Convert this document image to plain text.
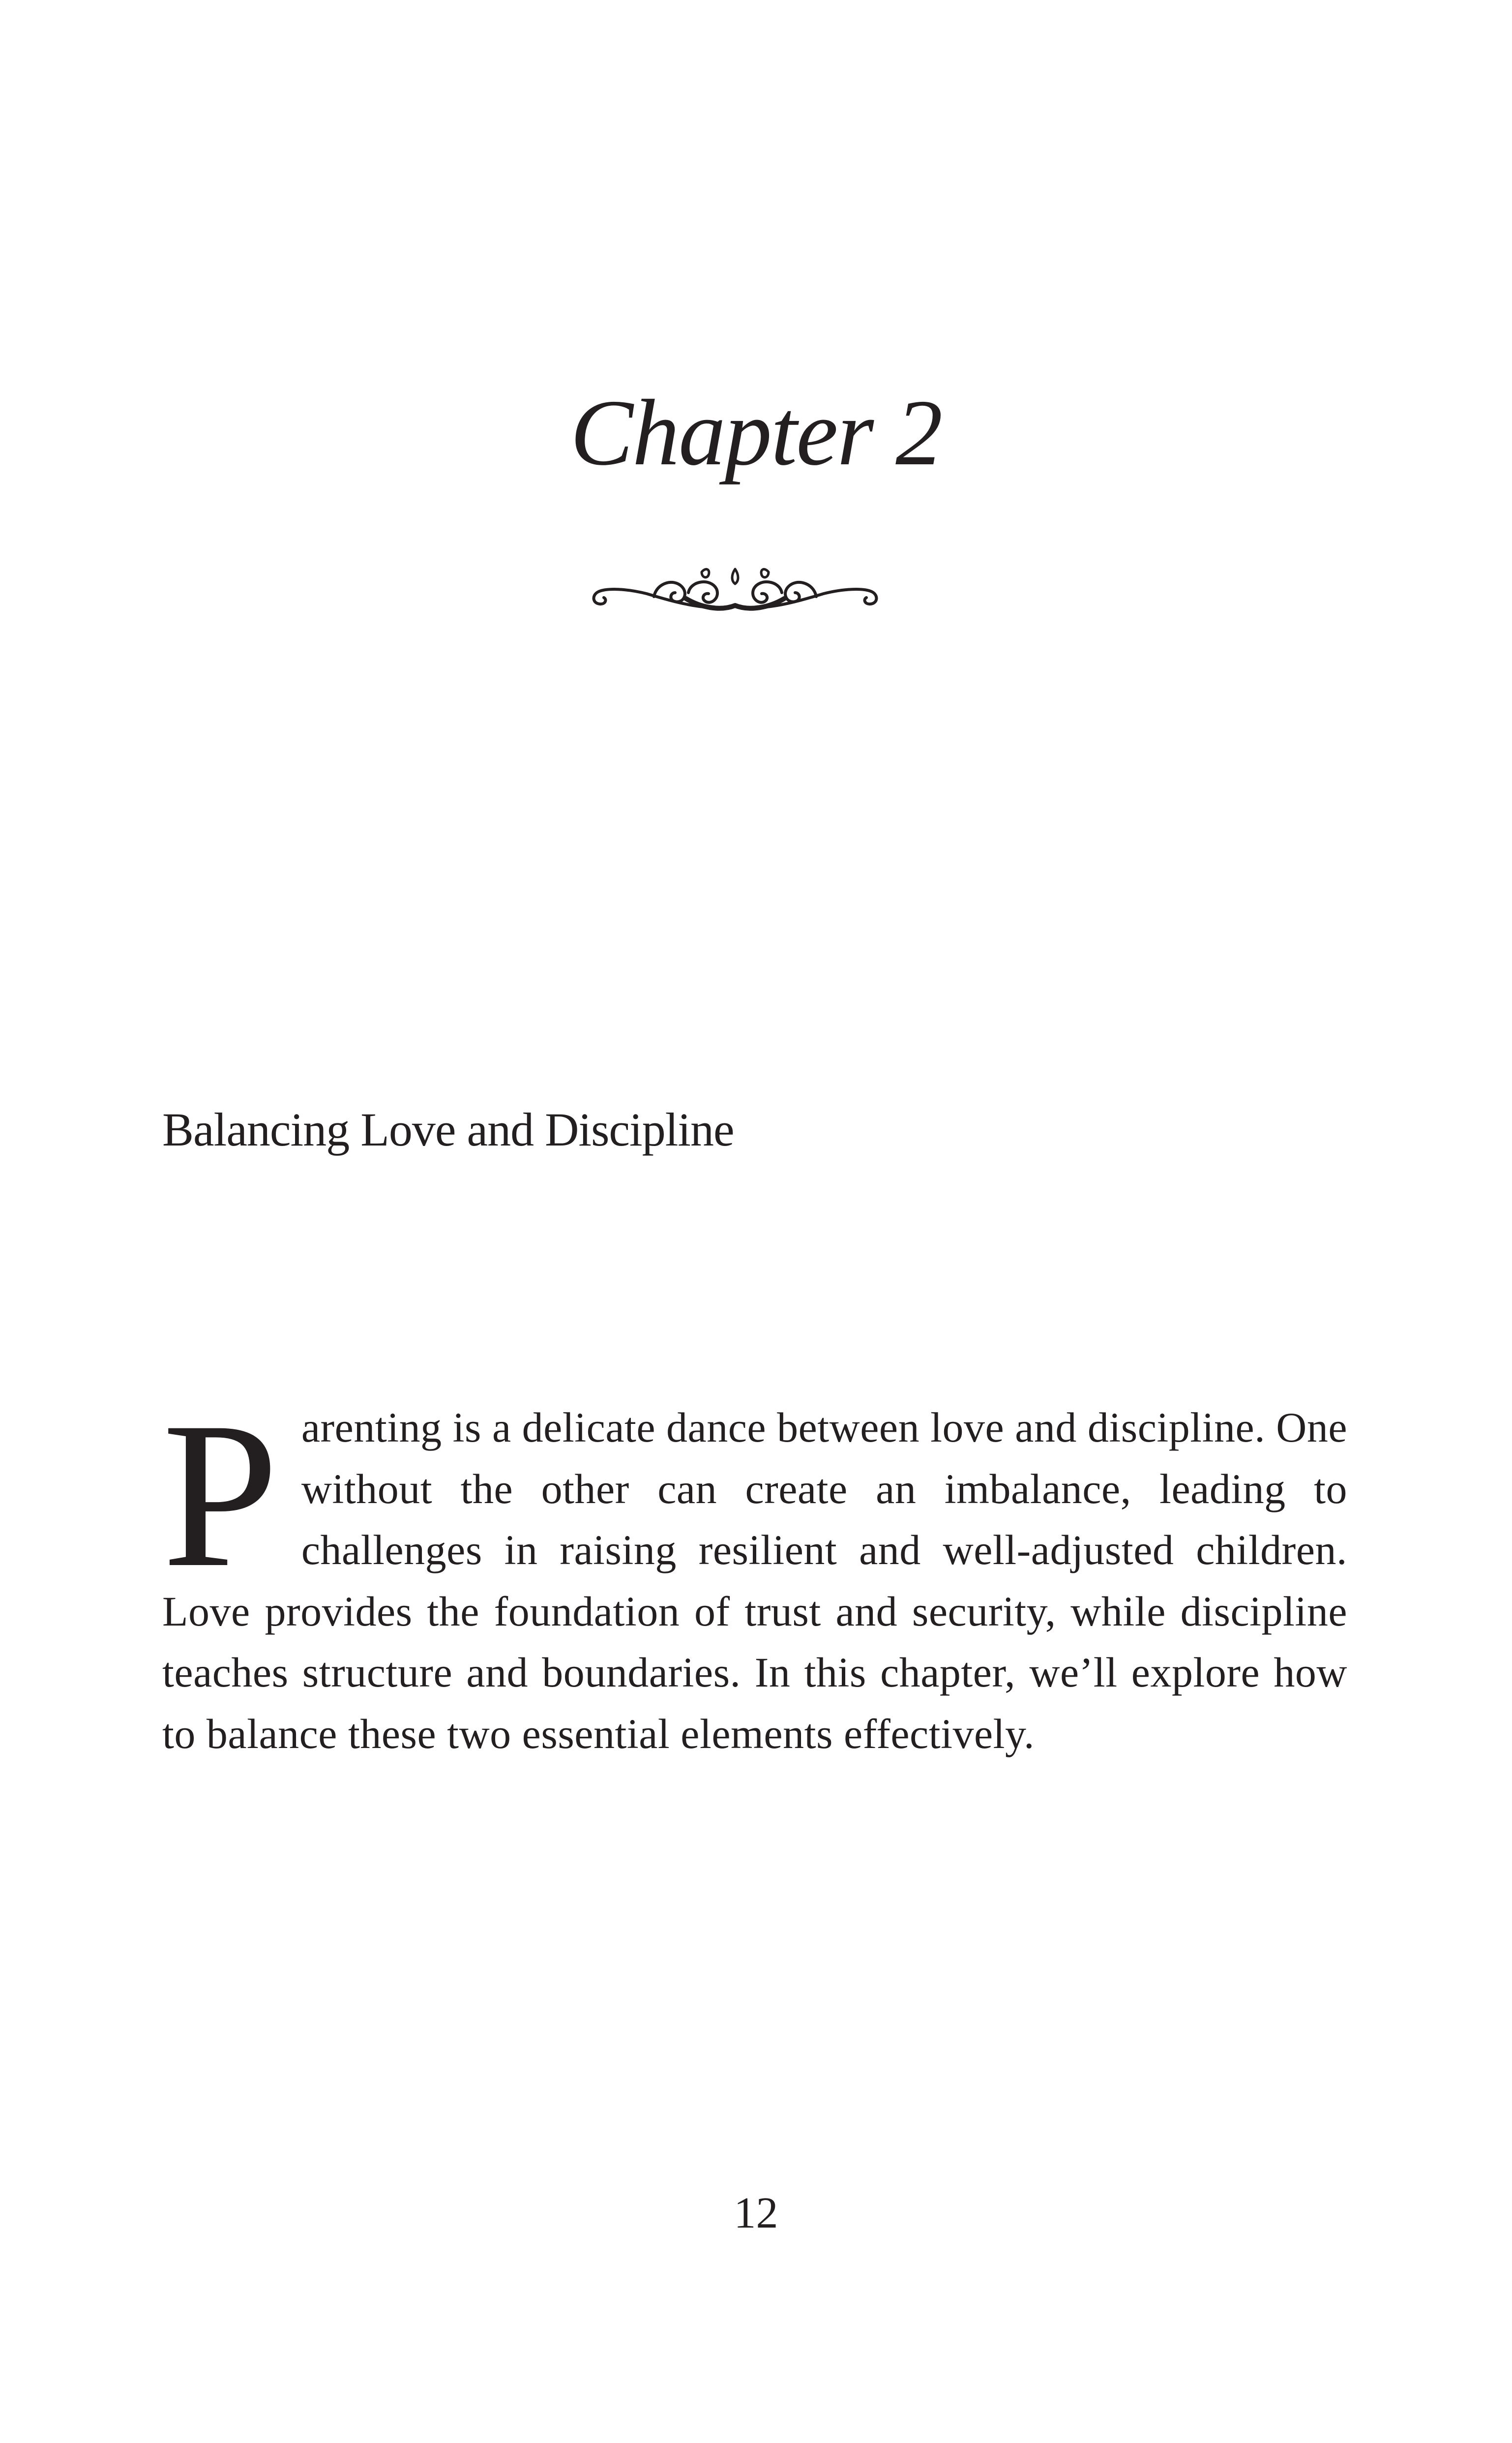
Chapter 2
Balancing Love and Discipline

Parenting is a delicate dance between love and discipline. One without the other can create an imbalance, leading to challenges in raising resilient and well-adjusted children. Love provides the foundation of trust and security, while discipline teaches structure and boundaries. In this chapter, we’ll explore how to balance these two essential elements effectively.

12
